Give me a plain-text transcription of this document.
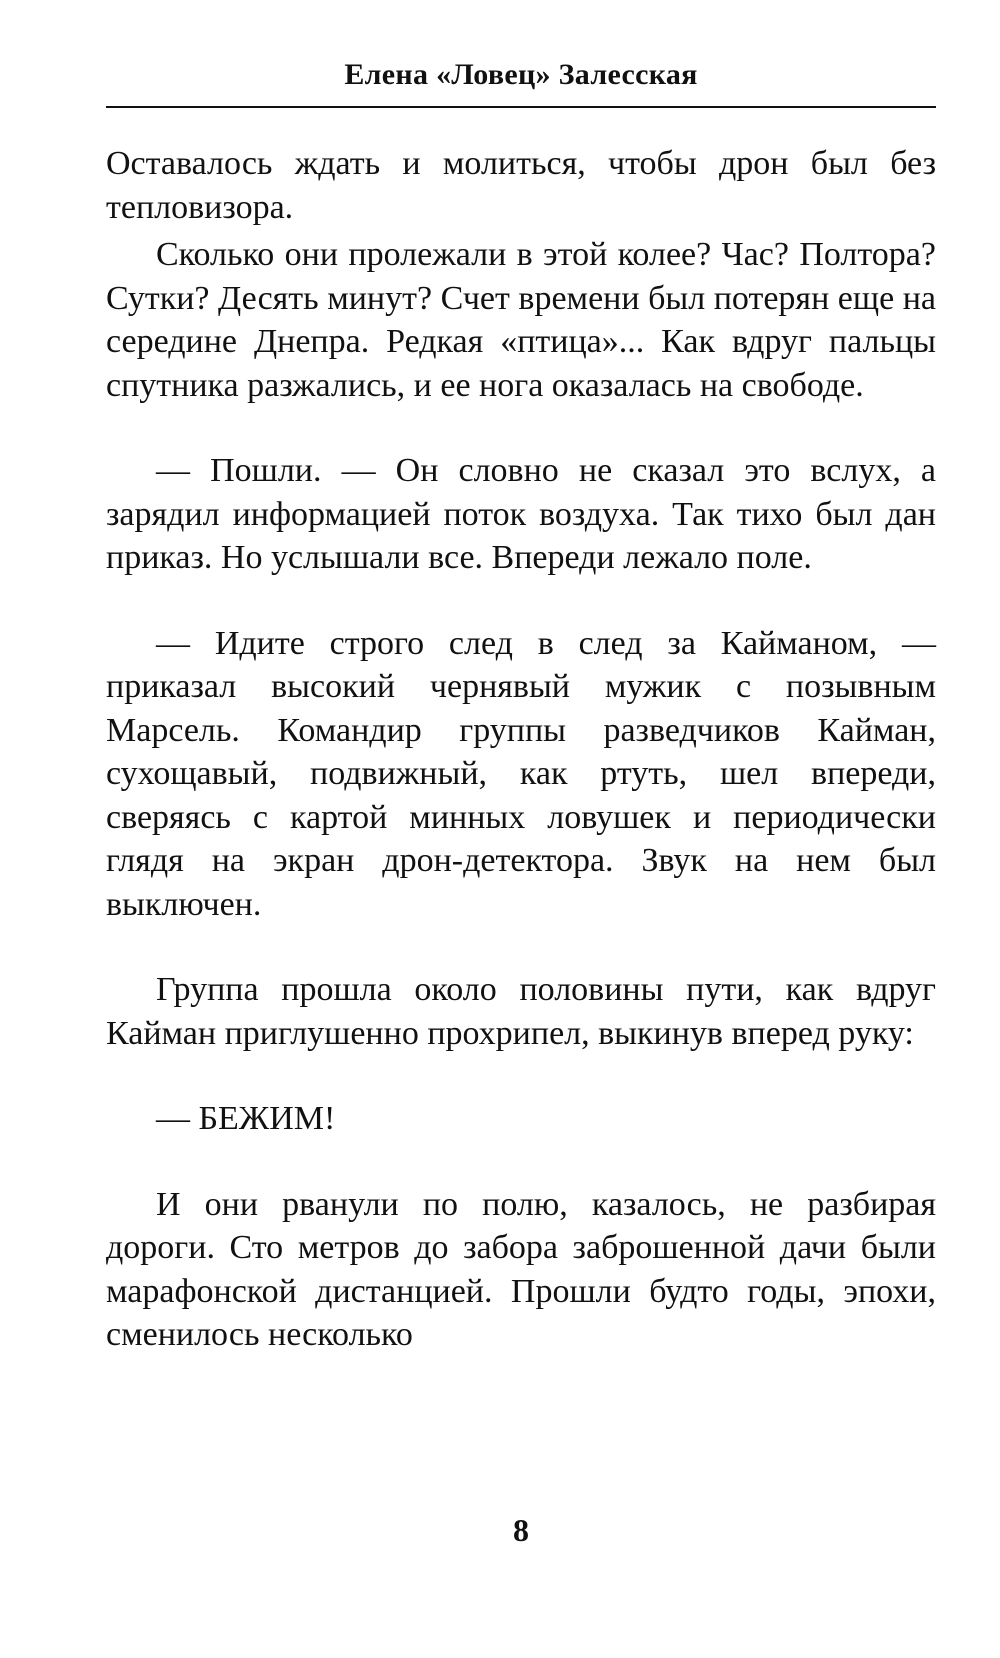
Елена «Ловец» Залесская

Оставалось ждать и молиться, чтобы дрон был без тепловизора.

Сколько они пролежали в этой колее? Час? Полтора? Сутки? Десять минут? Счет времени был потерян еще на середине Днепра. Редкая «птица»... Как вдруг пальцы спутника разжались, и ее нога оказалась на свободе.

— Пошли. — Он словно не сказал это вслух, а зарядил информацией поток воздуха. Так тихо был дан приказ. Но услышали все. Впереди лежало поле.

— Идите строго след в след за Кайманом, — приказал высокий чернявый мужик с позывным Марсель. Командир группы разведчиков Кайман, сухощавый, подвижный, как ртуть, шел впереди, сверяясь с картой минных ловушек и периодически глядя на экран дрон-детектора. Звук на нем был выключен.

Группа прошла около половины пути, как вдруг Кайман приглушенно прохрипел, выкинув вперед руку:

— БЕЖИМ!

И они рванули по полю, казалось, не разбирая дороги. Сто метров до забора заброшенной дачи были марафонской дистанцией. Прошли будто годы, эпохи, сменилось несколько

8
